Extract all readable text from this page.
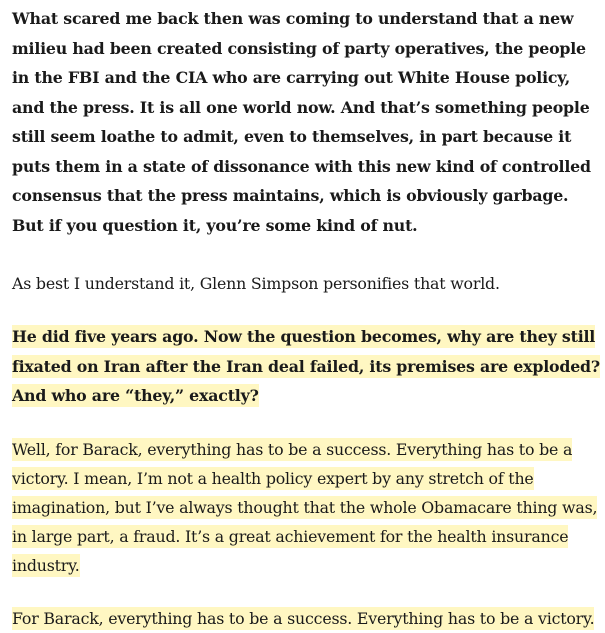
What scared me back then was coming to understand that a new milieu had been created consisting of party operatives, the people in the FBI and the CIA who are carrying out White House policy, and the press. It is all one world now. And that’s something people still seem loathe to admit, even to themselves, in part because it puts them in a state of dissonance with this new kind of controlled consensus that the press maintains, which is obviously garbage. But if you question it, you’re some kind of nut.

As best I understand it, Glenn Simpson personifies that world.

He did five years ago. Now the question becomes, why are they still fixated on Iran after the Iran deal failed, its premises are exploded? And who are “they,” exactly?

Well, for Barack, everything has to be a success. Everything has to be a victory. I mean, I’m not a health policy expert by any stretch of the imagination, but I’ve always thought that the whole Obamacare thing was, in large part, a fraud. It’s a great achievement for the health insurance industry.

For Barack, everything has to be a success. Everything has to be a victory.
